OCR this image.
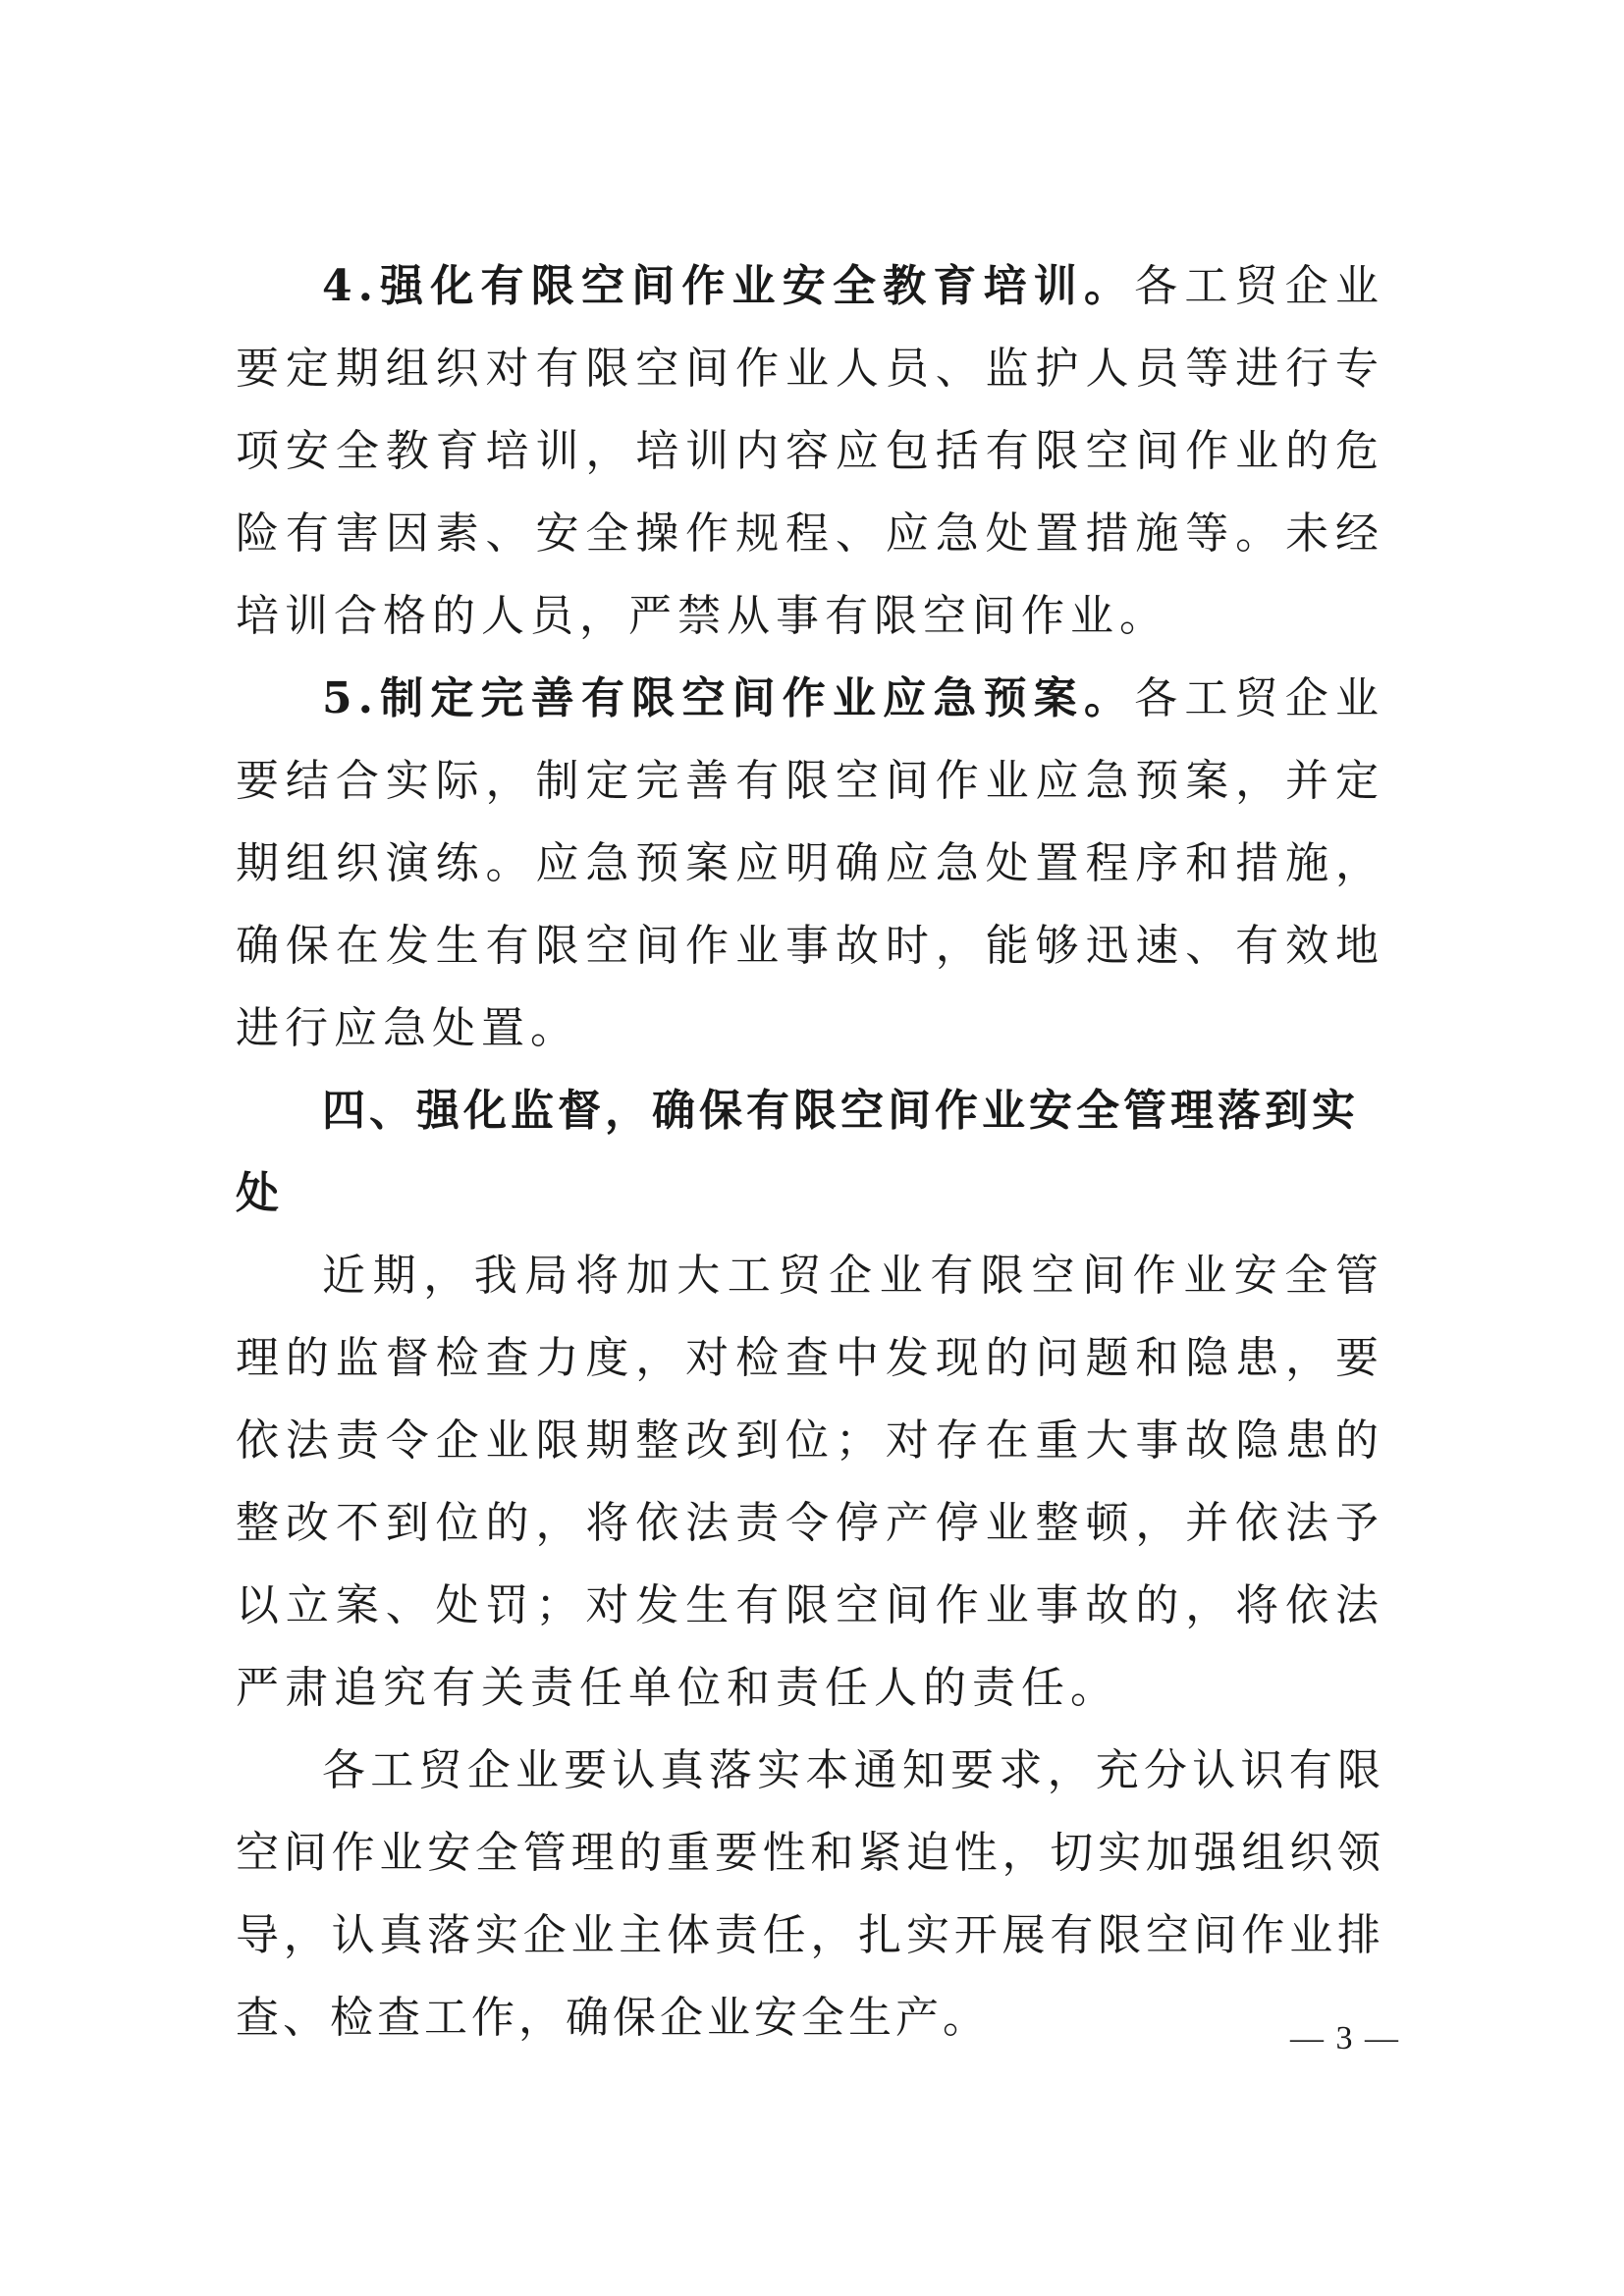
4.强化有限空间作业安全教育培训。各工贸企业要定期组织对有限空间作业人员、监护人员等进行专项安全教育培训，培训内容应包括有限空间作业的危险有害因素、安全操作规程、应急处置措施等。未经培训合格的人员，严禁从事有限空间作业。

5.制定完善有限空间作业应急预案。各工贸企业要结合实际，制定完善有限空间作业应急预案，并定期组织演练。应急预案应明确应急处置程序和措施，确保在发生有限空间作业事故时，能够迅速、有效地进行应急处置。

四、强化监督，确保有限空间作业安全管理落到实处

近期，我局将加大工贸企业有限空间作业安全管理的监督检查力度，对检查中发现的问题和隐患，要依法责令企业限期整改到位；对存在重大事故隐患的整改不到位的，将依法责令停产停业整顿，并依法予以立案、处罚；对发生有限空间作业事故的，将依法严肃追究有关责任单位和责任人的责任。

各工贸企业要认真落实本通知要求，充分认识有限空间作业安全管理的重要性和紧迫性，切实加强组织领导，认真落实企业主体责任，扎实开展有限空间作业排查、检查工作，确保企业安全生产。	— 3 —
